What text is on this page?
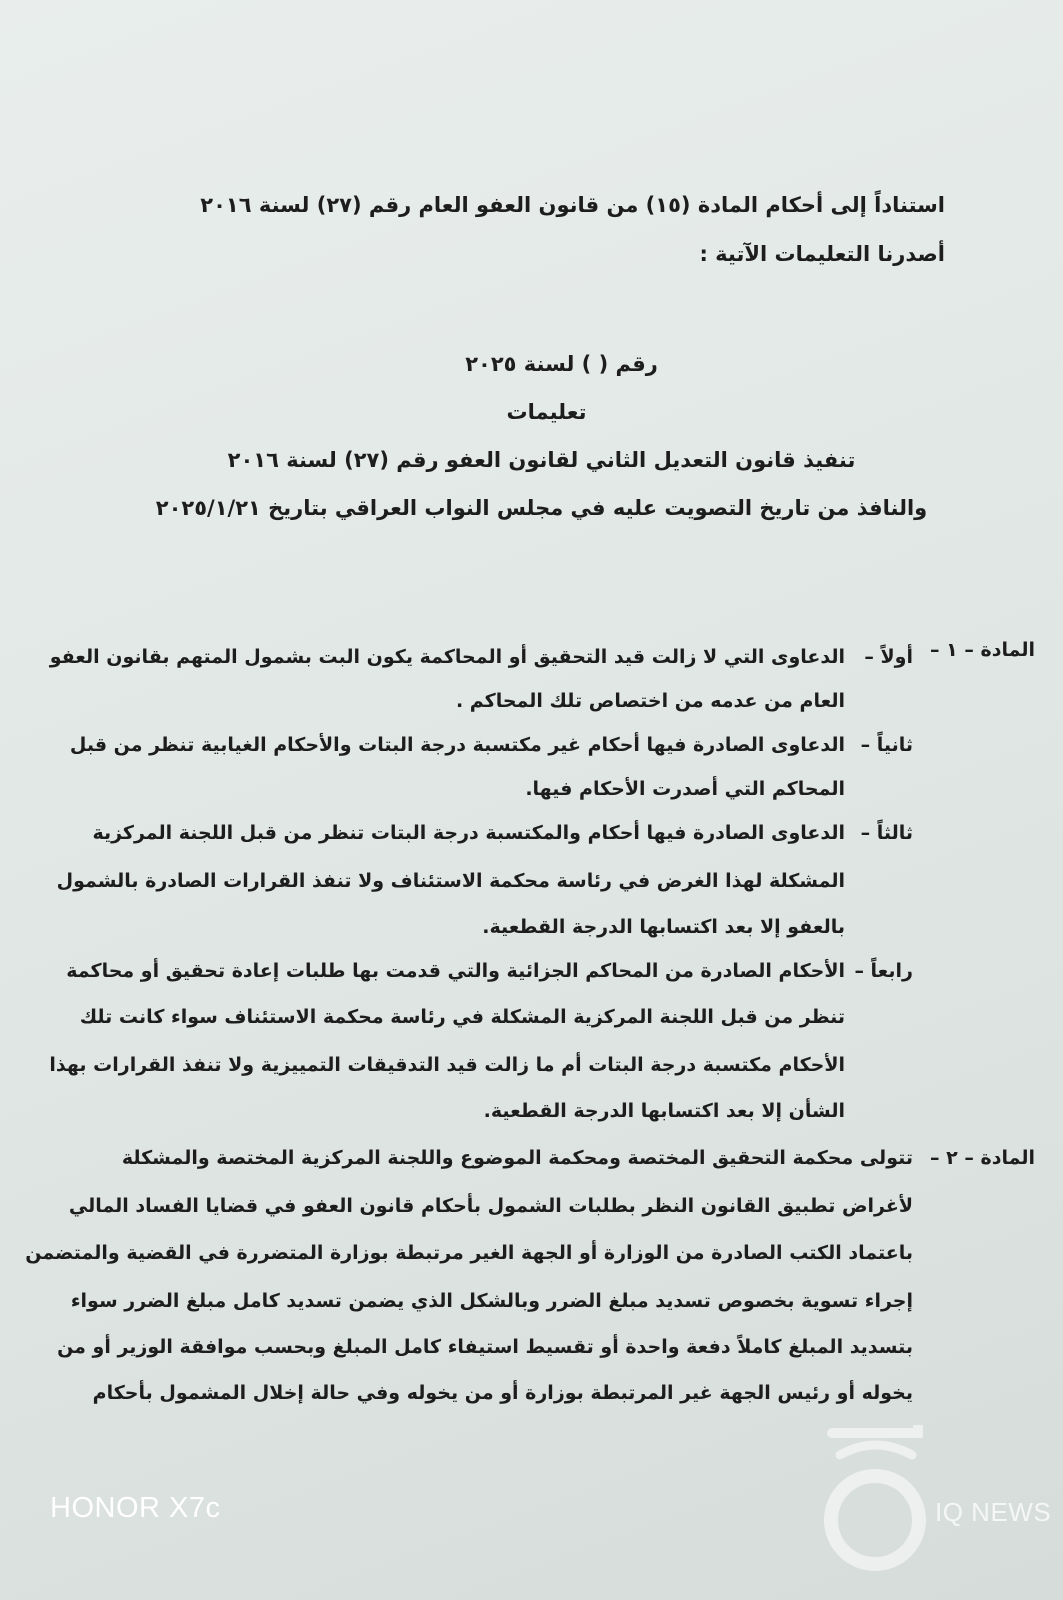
استناداً إلى أحكام المادة (١٥) من قانون العفو العام رقم (٢٧) لسنة ٢٠١٦
أصدرنا التعليمات الآتية :
رقم ( ) لسنة ٢٠٢٥
تعليمات
تنفيذ قانون التعديل الثاني لقانون العفو رقم (٢٧) لسنة ٢٠١٦
والنافذ من تاريخ التصويت عليه في مجلس النواب العراقي بتاريخ ٢٠٢٥/١/٢١
المادة – ١ –
أولاً –
الدعاوى التي لا زالت قيد التحقيق أو المحاكمة يكون البت بشمول المتهم بقانون العفو
العام من عدمه من اختصاص تلك المحاكم .
ثانياً –
الدعاوى الصادرة فيها أحكام غير مكتسبة درجة البتات والأحكام الغيابية تنظر من قبل
المحاكم التي أصدرت الأحكام فيها.
ثالثاً –
الدعاوى الصادرة فيها أحكام والمكتسبة درجة البتات تنظر من قبل اللجنة المركزية
المشكلة لهذا الغرض في رئاسة محكمة الاستئناف ولا تنفذ القرارات الصادرة بالشمول
بالعفو إلا بعد اكتسابها الدرجة القطعية.
رابعاً –
الأحكام الصادرة من المحاكم الجزائية والتي قدمت بها طلبات إعادة تحقيق أو محاكمة
تنظر من قبل اللجنة المركزية المشكلة في رئاسة محكمة الاستئناف سواء كانت تلك
الأحكام مكتسبة درجة البتات أم ما زالت قيد التدقيقات التمييزية ولا تنفذ القرارات بهذا
الشأن إلا بعد اكتسابها الدرجة القطعية.
المادة – ٢ –
تتولى محكمة التحقيق المختصة ومحكمة الموضوع واللجنة المركزية المختصة والمشكلة
لأغراض تطبيق القانون النظر بطلبات الشمول بأحكام قانون العفو في قضايا الفساد المالي
باعتماد الكتب الصادرة من الوزارة أو الجهة الغير مرتبطة بوزارة المتضررة في القضية والمتضمن
إجراء تسوية بخصوص تسديد مبلغ الضرر وبالشكل الذي يضمن تسديد كامل مبلغ الضرر سواء
بتسديد المبلغ كاملاً دفعة واحدة أو تقسيط استيفاء كامل المبلغ وبحسب موافقة الوزير أو من
يخوله أو رئيس الجهة غير المرتبطة بوزارة أو من يخوله وفي حالة إخلال المشمول بأحكام
HONOR X7c	IQ NEWS
